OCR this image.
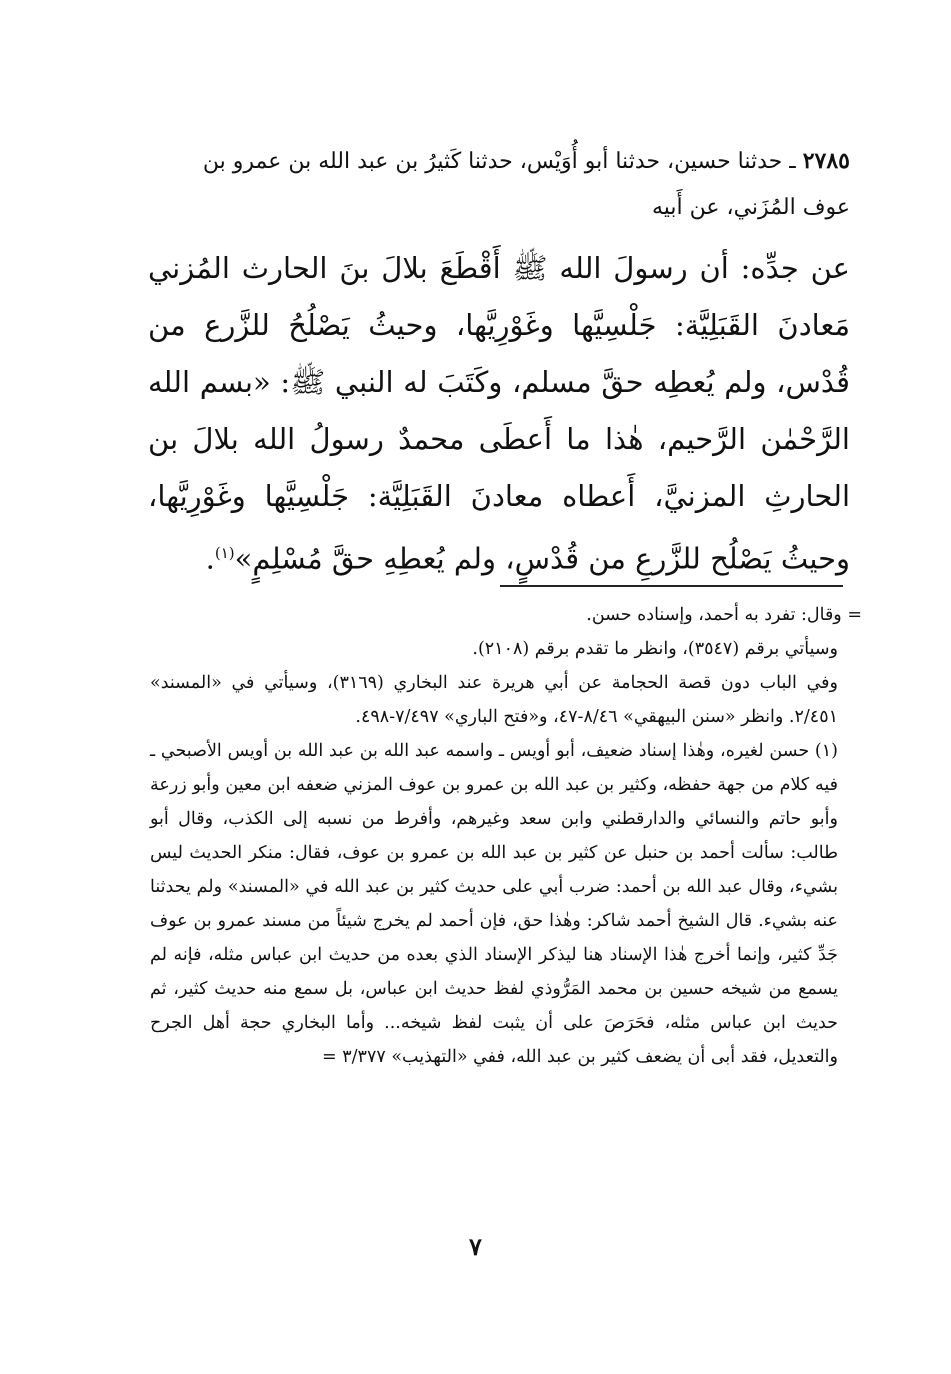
٢٧٨٥ ـ حدثنا حسين، حدثنا أبو أُوَيْس، حدثنا كَثيرُ بن عبد الله بن عمرو بن
عوف المُزَني، عن أَبيه
عن جدِّه: أن رسولَ الله ﷺ أَقْطَعَ بلالَ بنَ الحارث المُزني مَعادنَ القَبَلِيَّة: جَلْسِيَّها وغَوْرِيَّها، وحيثُ يَصْلُحُ للزَّرع من قُدْس، ولم يُعطِه حقَّ مسلم، وكَتَبَ له النبي ﷺ: «بسم الله الرَّحْمٰن الرَّحيم، هٰذا ما أَعطَى محمدٌ رسولُ الله بلالَ بن الحارثِ المزنيَّ، أَعطاه معادنَ القَبَلِيَّة: جَلْسِيَّها وغَوْرِيَّها، وحيثُ يَصْلُح للزَّرعِ من قُدْسٍ، ولم يُعطِهِ حقَّ مُسْلِمٍ»$^{(١)}$.

= وقال: تفرد به أحمد، وإسناده حسن.

وسيأتي برقم (٣٥٤٧)، وانظر ما تقدم برقم (٢١٠٨).

وفي الباب دون قصة الحجامة عن أبي هريرة عند البخاري (٣١٦٩)، وسيأتي في «المسند» ٢/٤٥١. وانظر «سنن البيهقي» ٨/٤٦-٤٧، و«فتح الباري» ٧/٤٩٧-٤٩٨.

(١) حسن لغيره، وهٰذا إسناد ضعيف، أبو أويس ـ واسمه عبد الله بن عبد الله بن أويس الأصبحي ـ فيه كلام من جهة حفظه، وكثير بن عبد الله بن عمرو بن عوف المزني ضعفه ابن معين وأبو زرعة وأبو حاتم والنسائي والدارقطني وابن سعد وغيرهم، وأفرط من نسبه إلى الكذب، وقال أبو طالب: سألت أحمد بن حنبل عن كثير بن عبد الله بن عمرو بن عوف، فقال: منكر الحديث ليس بشيء، وقال عبد الله بن أحمد: ضرب أبي على حديث كثير بن عبد الله في «المسند» ولم يحدثنا عنه بشيء. قال الشيخ أحمد شاكر: وهٰذا حق، فإن أحمد لم يخرج شيئاً من مسند عمرو بن عوف جَدِّ كثير، وإنما أخرج هٰذا الإسناد هنا ليذكر الإسناد الذي بعده من حديث ابن عباس مثله، فإنه لم يسمع من شيخه حسين بن محمد المَرُّوذي لفظ حديث ابن عباس، بل سمع منه حديث كثير، ثم حديث ابن عباس مثله، فحَرَصَ على أن يثبت لفظ شيخه... وأما البخاري حجة أهل الجرح والتعديل، فقد أبى أن يضعف كثير بن عبد الله، ففي «التهذيب» ٣/٣٧٧ =

٧
